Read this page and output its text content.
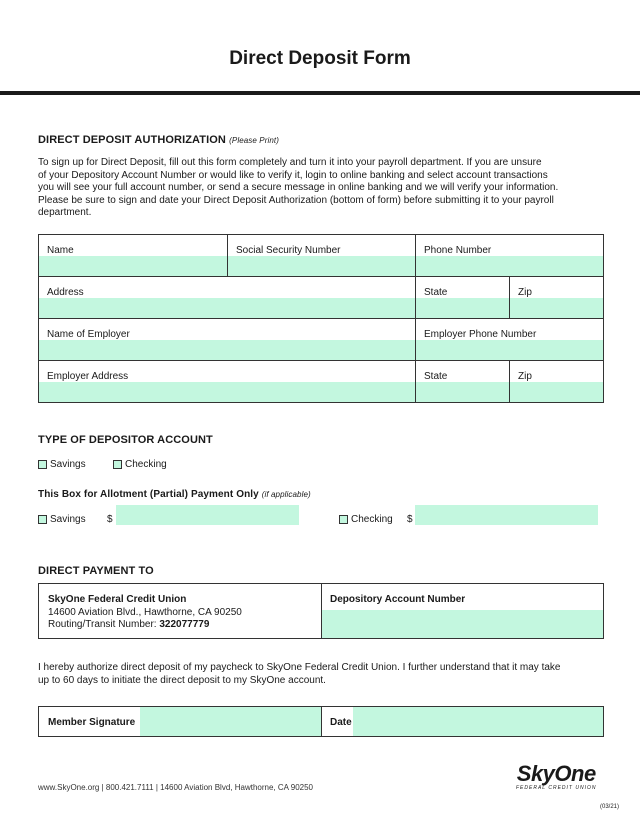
Direct Deposit Form
DIRECT DEPOSIT AUTHORIZATION (Please Print)
To sign up for Direct Deposit, fill out this form completely and turn it into your payroll department. If you are unsure
of your Depository Account Number or would like to verify it, login to online banking and select account transactions
you will see your full account number, or send a secure message in online banking and we will verify your information.
Please be sure to sign and date your Direct Deposit Authorization (bottom of form) before submitting it to your payroll
department.
Name	Social Security Number	Phone Number
Address	State	Zip
Name of Employer	Employer Phone Number
Employer Address	State	Zip
TYPE OF DEPOSITOR ACCOUNT
Savings	Checking
This Box for Allotment (Partial) Payment Only (if applicable)
Savings $	Checking $
DIRECT PAYMENT TO
SkyOne Federal Credit Union
14600 Aviation Blvd., Hawthorne, CA 90250
Routing/Transit Number: 322077779
Depository Account Number
I hereby authorize direct deposit of my paycheck to SkyOne Federal Credit Union. I further understand that it may take
up to 60 days to initiate the direct deposit to my SkyOne account.
Member Signature	Date
www.SkyOne.org | 800.421.7111 | 14600 Aviation Blvd, Hawthorne, CA 90250
SkyOne
FEDERAL CREDIT UNION
(03/21)
